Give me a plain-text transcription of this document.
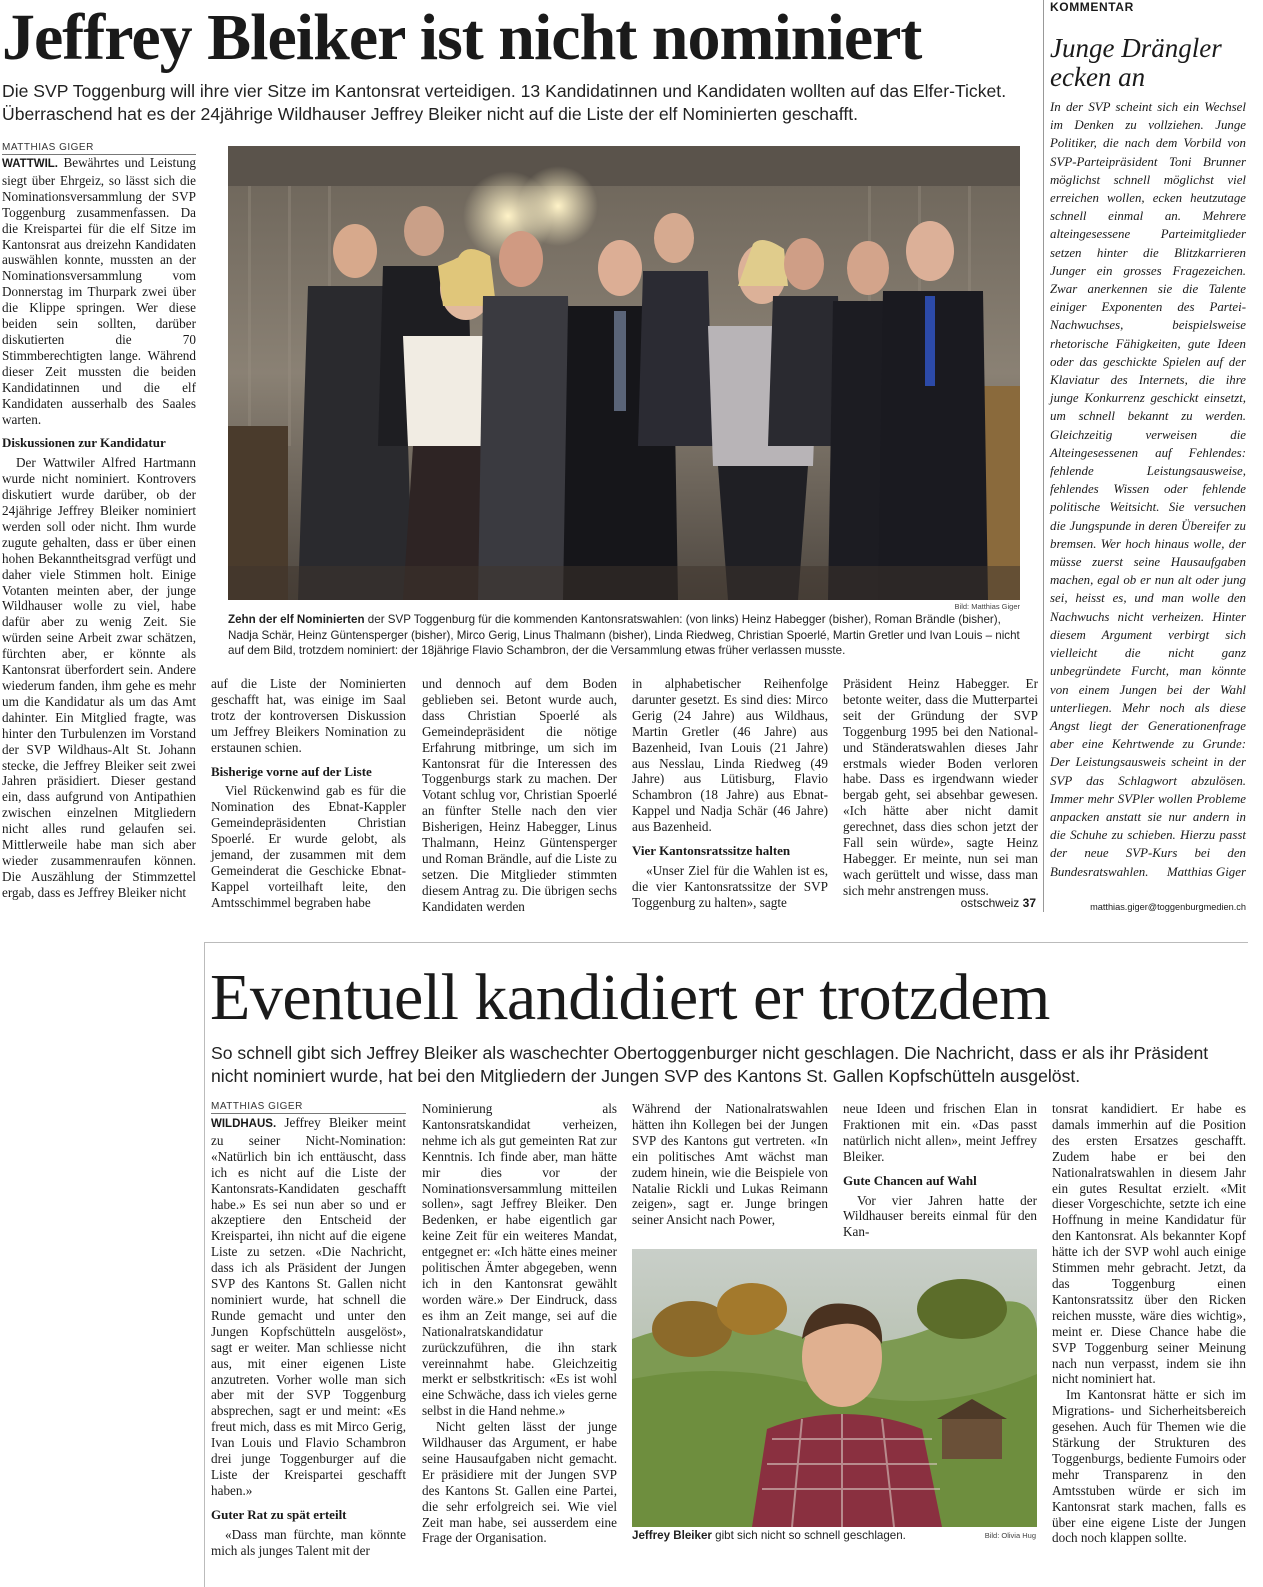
Jeffrey Bleiker ist nicht nominiert
Die SVP Toggenburg will ihre vier Sitze im Kantonsrat verteidigen. 13 Kandidatinnen und Kandidaten wollten auf das Elfer-Ticket. Überraschend hat es der 24jährige Wildhauser Jeffrey Bleiker nicht auf die Liste der elf Nominierten geschafft.
MATTHIAS GIGER

WATTWIL. Bewährtes und Leistung siegt über Ehrgeiz, so lässt sich die Nominationsversammlung der SVP Toggenburg zusammenfassen. Da die Kreispartei für die elf Sitze im Kantonsrat aus dreizehn Kandidaten auswählen konnte, mussten an der Nominationsversammlung vom Donnerstag im Thurpark zwei über die Klippe springen. Wer diese beiden sein sollten, darüber diskutierten die 70 Stimmberechtigten lange. Während dieser Zeit mussten die beiden Kandidatinnen und die elf Kandidaten ausserhalb des Saales warten.

Diskussionen zur Kandidatur

Der Wattwiler Alfred Hartmann wurde nicht nominiert. Kontrovers diskutiert wurde darüber, ob der 24jährige Jeffrey Bleiker nominiert werden soll oder nicht. Ihm wurde zugute gehalten, dass er über einen hohen Bekanntheitsgrad verfügt und daher viele Stimmen holt. Einige Votanten meinten aber, der junge Wildhauser wolle zu viel, habe dafür aber zu wenig Zeit. Sie würden seine Arbeit zwar schätzen, fürchten aber, er könnte als Kantonsrat überfordert sein. Andere wiederum fanden, ihm gehe es mehr um die Kandidatur als um das Amt dahinter. Ein Mitglied fragte, was hinter den Turbulenzen im Vorstand der SVP Wildhaus-Alt St. Johann stecke, die Jeffrey Bleiker seit zwei Jahren präsidiert. Dieser gestand ein, dass aufgrund von Antipathien zwischen einzelnen Mitgliedern nicht alles rund gelaufen sei. Mittlerweile habe man sich aber wieder zusammenraufen können. Die Auszählung der Stimmzettel ergab, dass es Jeffrey Bleiker nicht

Bild: Matthias Giger
Zehn der elf Nominierten der SVP Toggenburg für die kommenden Kantonsratswahlen: (von links) Heinz Habegger (bisher), Roman Brändle (bisher), Nadja Schär, Heinz Güntensperger (bisher), Mirco Gerig, Linus Thalmann (bisher), Linda Riedweg, Christian Spoerlé, Martin Gretler und Ivan Louis – nicht auf dem Bild, trotzdem nominiert: der 18jährige Flavio Schambron, der die Versammlung etwas früher verlassen musste.

auf die Liste der Nominierten geschafft hat, was einige im Saal trotz der kontroversen Diskussion um Jeffrey Bleikers Nomination zu erstaunen schien.

Bisherige vorne auf der Liste

Viel Rückenwind gab es für die Nomination des Ebnat-Kappler Gemeindepräsidenten Christian Spoerlé. Er wurde gelobt, als jemand, der zusammen mit dem Gemeinderat die Geschicke Ebnat-Kappel vorteilhaft leite, den Amtsschimmel begraben habe

und dennoch auf dem Boden geblieben sei. Betont wurde auch, dass Christian Spoerlé als Gemeindepräsident die nötige Erfahrung mitbringe, um sich im Kantonsrat für die Interessen des Toggenburgs stark zu machen. Der Votant schlug vor, Christian Spoerlé an fünfter Stelle nach den vier Bisherigen, Heinz Habegger, Linus Thalmann, Heinz Güntensperger und Roman Brändle, auf die Liste zu setzen. Die Mitglieder stimmten diesem Antrag zu. Die übrigen sechs Kandidaten werden

in alphabetischer Reihenfolge darunter gesetzt. Es sind dies: Mirco Gerig (24 Jahre) aus Wildhaus, Martin Gretler (46 Jahre) aus Bazenheid, Ivan Louis (21 Jahre) aus Nesslau, Linda Riedweg (49 Jahre) aus Lütisburg, Flavio Schambron (18 Jahre) aus Ebnat-Kappel und Nadja Schär (46 Jahre) aus Bazenheid.

Vier Kantonsratssitze halten

«Unser Ziel für die Wahlen ist es, die vier Kantonsratssitze der SVP Toggenburg zu halten», sagte

Präsident Heinz Habegger. Er betonte weiter, dass die Mutterpartei seit der Gründung der SVP Toggenburg 1995 bei den National- und Ständeratswahlen dieses Jahr erstmals wieder Boden verloren habe. Dass es irgendwann wieder bergab geht, sei absehbar gewesen. «Ich hätte aber nicht damit gerechnet, dass dies schon jetzt der Fall sein würde», sagte Heinz Habegger. Er meinte, nun sei man wach gerüttelt und wisse, dass man sich mehr anstrengen muss.

ostschweiz 37
KOMMENTAR
Junge Drängler ecken an
In der SVP scheint sich ein Wechsel im Denken zu vollziehen. Junge Politiker, die nach dem Vorbild von SVP-Parteipräsident Toni Brunner möglichst schnell möglichst viel erreichen wollen, ecken heutzutage schnell einmal an. Mehrere alteingesessene Parteimitglieder setzen hinter die Blitzkarrieren Junger ein grosses Fragezeichen. Zwar anerkennen sie die Talente einiger Exponenten des Partei-Nachwuchses, beispielsweise rhetorische Fähigkeiten, gute Ideen oder das geschickte Spielen auf der Klaviatur des Internets, die ihre junge Konkurrenz geschickt einsetzt, um schnell bekannt zu werden. Gleichzeitig verweisen die Alteingesessenen auf Fehlendes: fehlende Leistungsausweise, fehlendes Wissen oder fehlende politische Weitsicht. Sie versuchen die Jungspunde in deren Übereifer zu bremsen. Wer hoch hinaus wolle, der müsse zuerst seine Hausaufgaben machen, egal ob er nun alt oder jung sei, heisst es, und man wolle den Nachwuchs nicht verheizen. Hinter diesem Argument verbirgt sich vielleicht die nicht ganz unbegründete Furcht, man könnte von einem Jungen bei der Wahl unterliegen. Mehr noch als diese Angst liegt der Generationenfrage aber eine Kehrtwende zu Grunde: Der Leistungsausweis scheint in der SVP das Schlagwort abzulösen. Immer mehr SVPler wollen Probleme anpacken anstatt sie nur andern in die Schuhe zu schieben. Hierzu passt der neue SVP-Kurs bei den Bundesratswahlen. Matthias Giger
matthias.giger@toggenburgmedien.ch
Eventuell kandidiert er trotzdem
So schnell gibt sich Jeffrey Bleiker als waschechter Obertoggenburger nicht geschlagen. Die Nachricht, dass er als ihr Präsident nicht nominiert wurde, hat bei den Mitgliedern der Jungen SVP des Kantons St. Gallen Kopfschütteln ausgelöst.
MATTHIAS GIGER

WILDHAUS. Jeffrey Bleiker meint zu seiner Nicht-Nomination: «Natürlich bin ich enttäuscht, dass ich es nicht auf die Liste der Kantonsrats-Kandidaten geschafft habe.» Es sei nun aber so und er akzeptiere den Entscheid der Kreispartei, ihn nicht auf die eigene Liste zu setzen. «Die Nachricht, dass ich als Präsident der Jungen SVP des Kantons St. Gallen nicht nominiert wurde, hat schnell die Runde gemacht und unter den Jungen Kopfschütteln ausgelöst», sagt er weiter. Man schliesse nicht aus, mit einer eigenen Liste anzutreten. Vorher wolle man sich aber mit der SVP Toggenburg absprechen, sagt er und meint: «Es freut mich, dass es mit Mirco Gerig, Ivan Louis und Flavio Schambron drei junge Toggenburger auf die Liste der Kreispartei geschafft haben.»

Guter Rat zu spät erteilt

«Dass man fürchte, man könnte mich als junges Talent mit der

Nominierung als Kantonsratskandidat verheizen, nehme ich als gut gemeinten Rat zur Kenntnis. Ich finde aber, man hätte mir dies vor der Nominationsversammlung mitteilen sollen», sagt Jeffrey Bleiker. Den Bedenken, er habe eigentlich gar keine Zeit für ein weiteres Mandat, entgegnet er: «Ich hätte eines meiner politischen Ämter abgegeben, wenn ich in den Kantonsrat gewählt worden wäre.» Der Eindruck, dass es ihm an Zeit mange, sei auf die Nationalratskandidatur zurückzuführen, die ihn stark vereinnahmt habe. Gleichzeitig merkt er selbstkritisch: «Es ist wohl eine Schwäche, dass ich vieles gerne selbst in die Hand nehme.»

Nicht gelten lässt der junge Wildhauser das Argument, er habe seine Hausaufgaben nicht gemacht. Er präsidiere mit der Jungen SVP des Kantons St. Gallen eine Partei, die sehr erfolgreich sei. Wie viel Zeit man habe, sei ausserdem eine Frage der Organisation.

Während der Nationalratswahlen hätten ihn Kollegen bei der Jungen SVP des Kantons gut vertreten. «In ein politisches Amt wächst man zudem hinein, wie die Beispiele von Natalie Rickli und Lukas Reimann zeigen», sagt er. Junge bringen seiner Ansicht nach Power,

neue Ideen und frischen Elan in Fraktionen mit ein. «Das passt natürlich nicht allen», meint Jeffrey Bleiker.

Gute Chancen auf Wahl

Vor vier Jahren hatte der Wildhauser bereits einmal für den Kan-

tonsrat kandidiert. Er habe es damals immerhin auf die Position des ersten Ersatzes geschafft. Zudem habe er bei den Nationalratswahlen in diesem Jahr ein gutes Resultat erzielt. «Mit dieser Vorgeschichte, setzte ich eine Hoffnung in meine Kandidatur für den Kantonsrat. Als bekannter Kopf hätte ich der SVP wohl auch einige Stimmen mehr gebracht. Jetzt, da das Toggenburg einen Kantonsratssitz über den Ricken reichen musste, wäre dies wichtig», meint er. Diese Chance habe die SVP Toggenburg seiner Meinung nach nun verpasst, indem sie ihn nicht nominiert hat.

Im Kantonsrat hätte er sich im Migrations- und Sicherheitsbereich gesehen. Auch für Themen wie die Stärkung der Strukturen des Toggenburgs, bediente Fumoirs oder mehr Transparenz in den Amtsstuben würde er sich im Kantonsrat stark machen, falls es über eine eigene Liste der Jungen doch noch klappen sollte.

Bild: Olivia Hug
Jeffrey Bleiker gibt sich nicht so schnell geschlagen.
